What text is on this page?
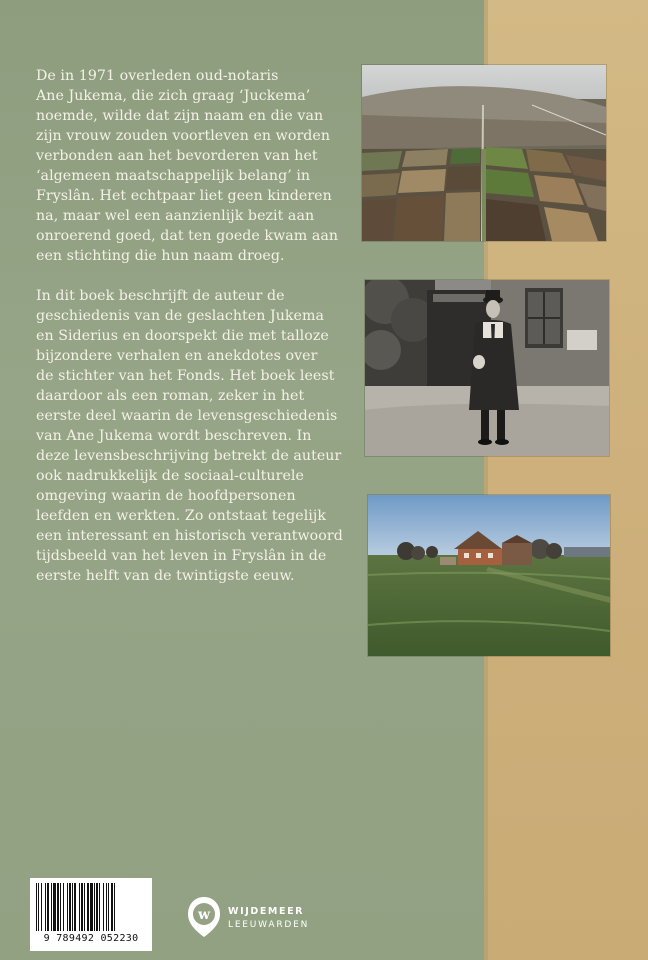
De in 1971 overleden oud-notaris
Ane Jukema, die zich graag ‘Juckema’
noemde, wilde dat zijn naam en die van
zijn vrouw zouden voortleven en worden
verbonden aan het bevorderen van het
‘algemeen maatschappelijk belang’ in
Fryslân. Het echtpaar liet geen kinderen
na, maar wel een aanzienlijk bezit aan
onroerend goed, dat ten goede kwam aan
een stichting die hun naam droeg.

In dit boek beschrijft de auteur de
geschiedenis van de geslachten Jukema
en Siderius en doorspekt die met talloze
bijzondere verhalen en anekdotes over
de stichter van het Fonds. Het boek leest
daardoor als een roman, zeker in het
eerste deel waarin de levensgeschiedenis
van Ane Jukema wordt beschreven. In
deze levensbeschrijving betrekt de auteur
ook nadrukkelijk de sociaal-culturele
omgeving waarin de hoofdpersonen
leefden en werkten. Zo ontstaat tegelijk
een interessant en historisch verantwoord
tijdsbeeld van het leven in Fryslân in de
eerste helft van de twintigste eeuw.

9 789492 052230
w WIJDEMEER
LEEUWARDEN
